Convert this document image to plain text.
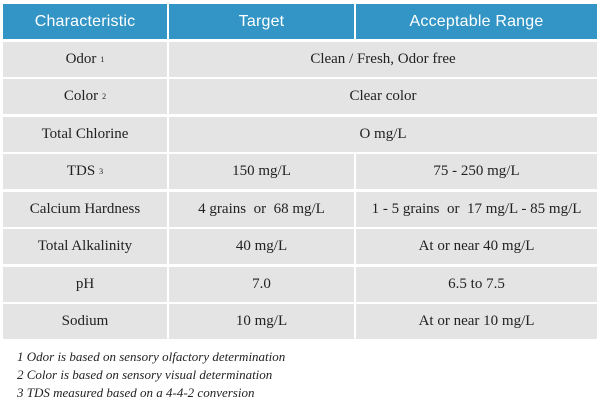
Characteristic	Target	Acceptable Range
Odor 1	Clean / Fresh, Odor free
Color 2	Clear color
Total Chlorine	O mg/L
TDS 3	150 mg/L	75 - 250 mg/L
Calcium Hardness	4 grains  or  68 mg/L	1 - 5 grains  or  17 mg/L - 85 mg/L
Total Alkalinity	40 mg/L	At or near 40 mg/L
pH	7.0	6.5 to 7.5
Sodium	10 mg/L	At or near 10 mg/L
1 Odor is based on sensory olfactory determination
2 Color is based on sensory visual determination
3 TDS measured based on a 4-4-2 conversion
